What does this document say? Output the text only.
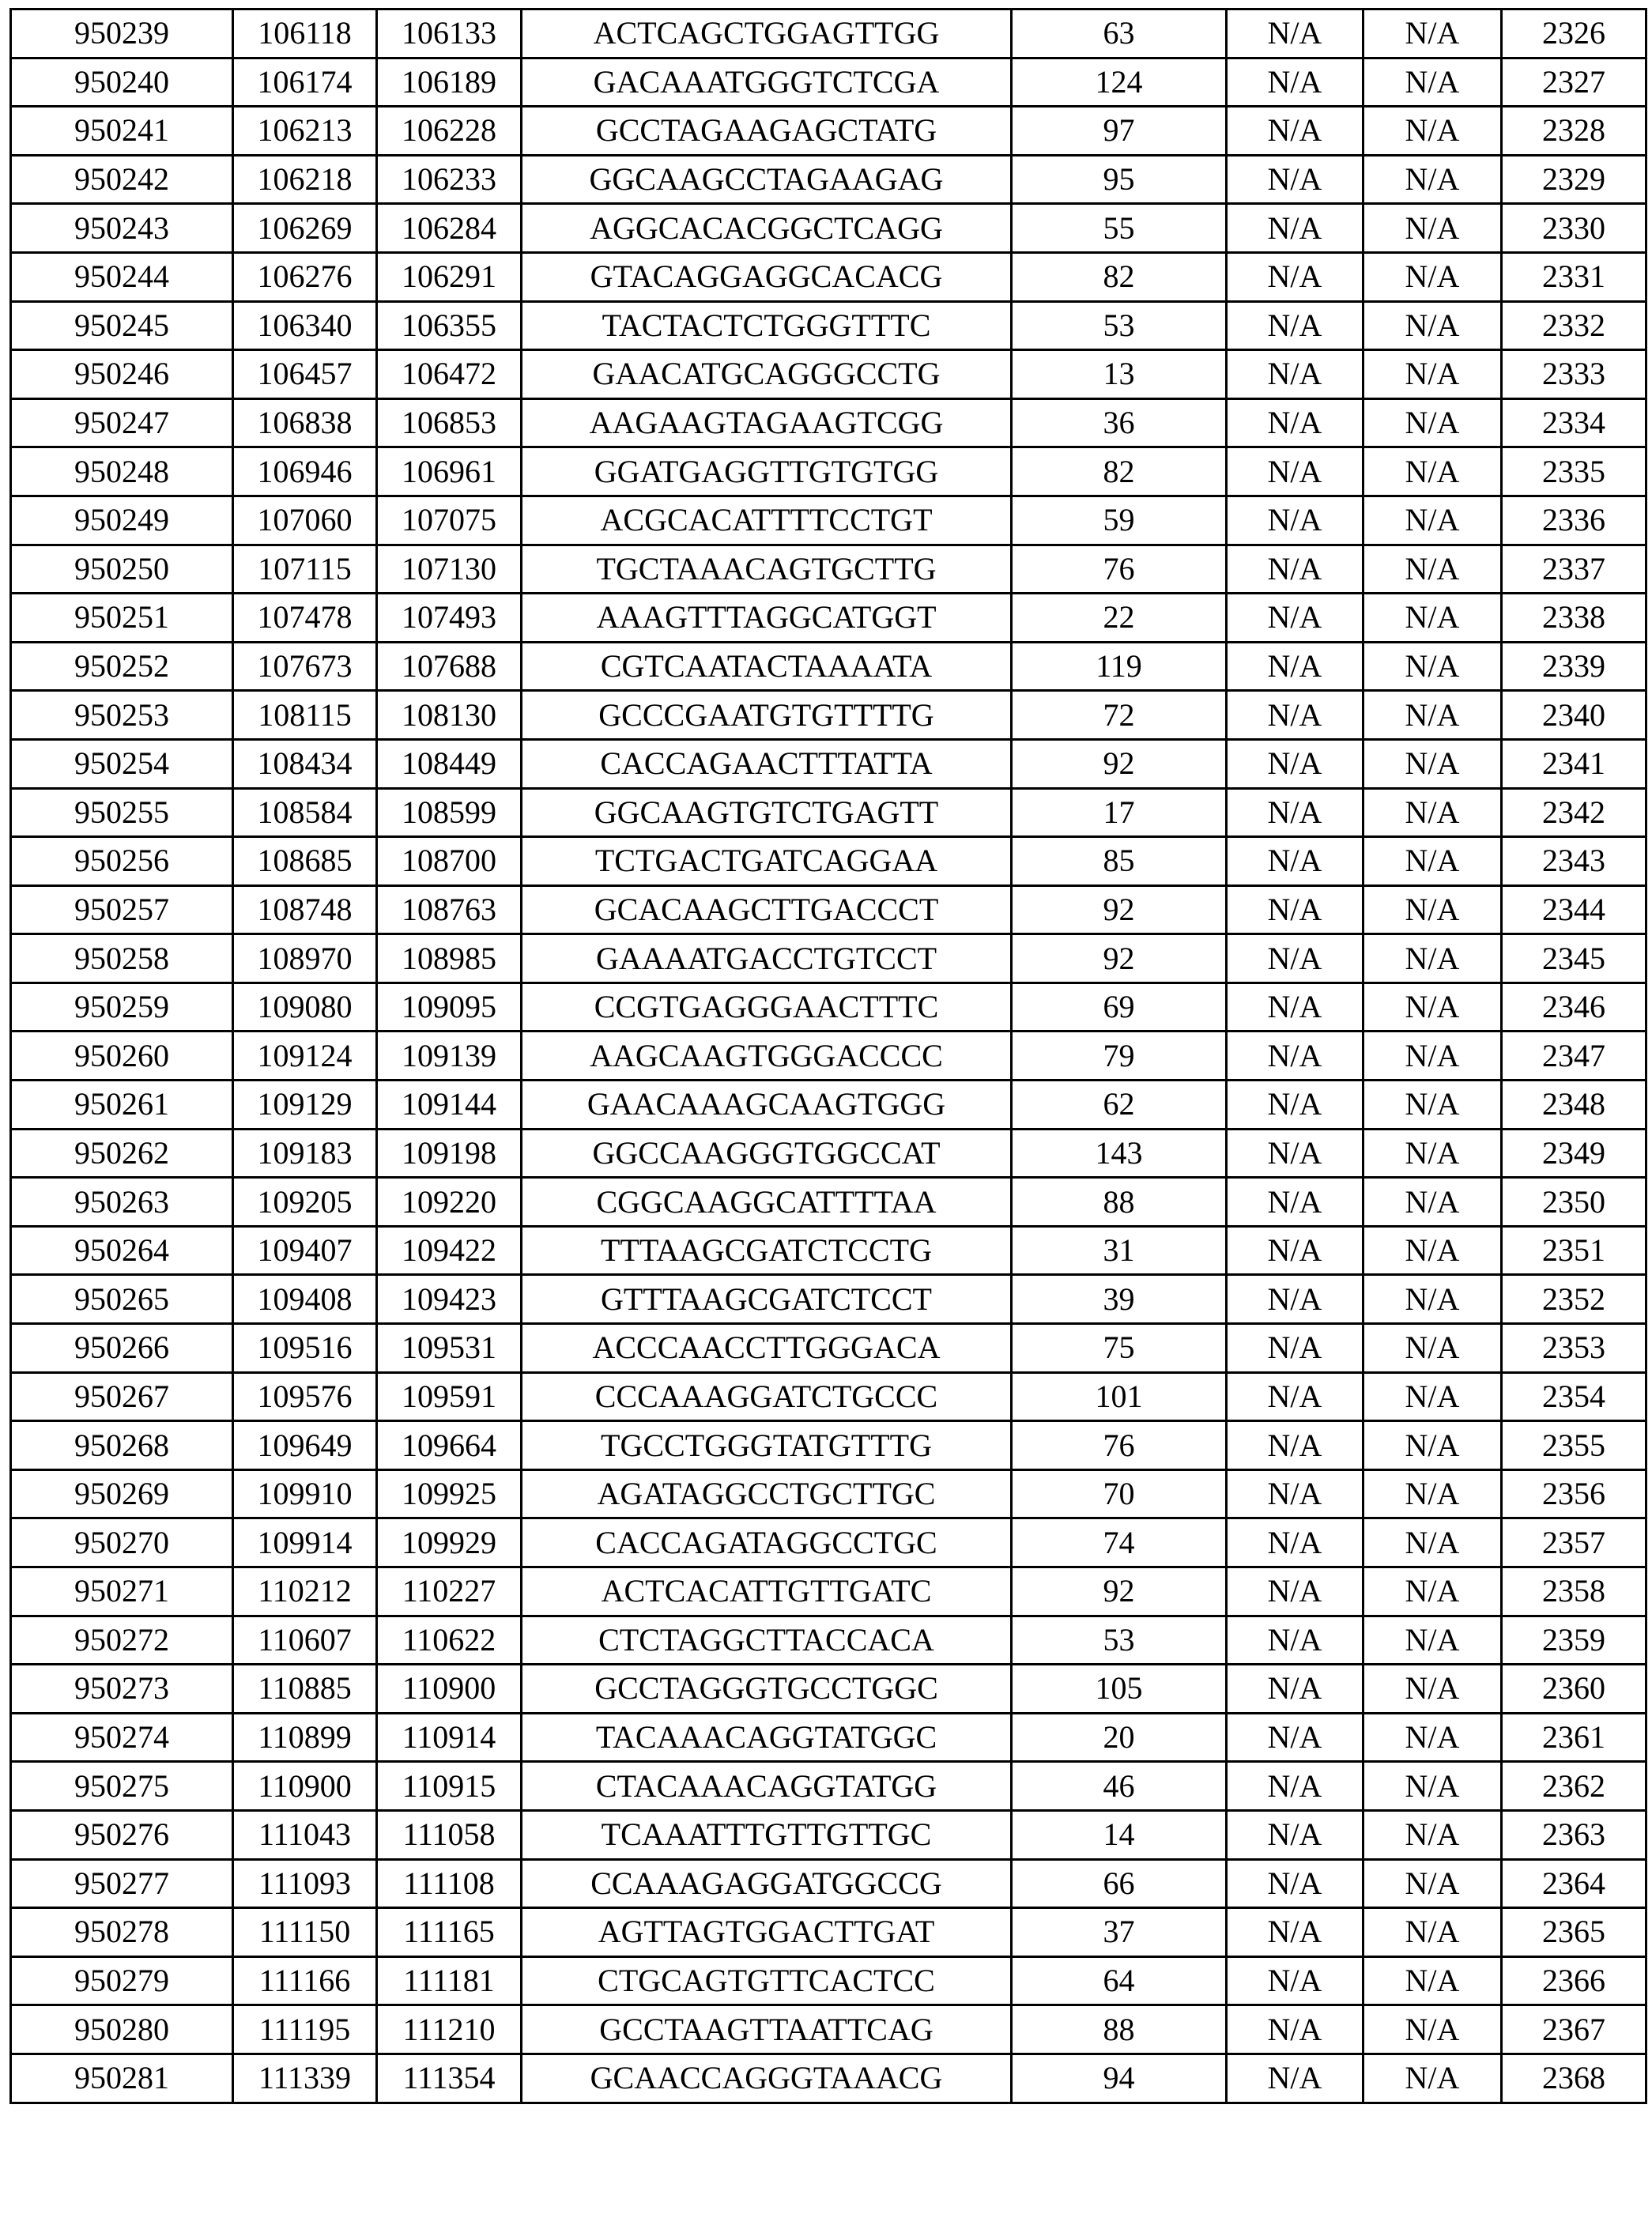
950239	106118	106133	ACTCAGCTGGAGTTGG	63	N/A	N/A	2326
950240	106174	106189	GACAAATGGGTCTCGA	124	N/A	N/A	2327
950241	106213	106228	GCCTAGAAGAGCTATG	97	N/A	N/A	2328
950242	106218	106233	GGCAAGCCTAGAAGAG	95	N/A	N/A	2329
950243	106269	106284	AGGCACACGGCTCAGG	55	N/A	N/A	2330
950244	106276	106291	GTACAGGAGGCACACG	82	N/A	N/A	2331
950245	106340	106355	TACTACTCTGGGTTTC	53	N/A	N/A	2332
950246	106457	106472	GAACATGCAGGGCCTG	13	N/A	N/A	2333
950247	106838	106853	AAGAAGTAGAAGTCGG	36	N/A	N/A	2334
950248	106946	106961	GGATGAGGTTGTGTGG	82	N/A	N/A	2335
950249	107060	107075	ACGCACATTTTCCTGT	59	N/A	N/A	2336
950250	107115	107130	TGCTAAACAGTGCTTG	76	N/A	N/A	2337
950251	107478	107493	AAAGTTTAGGCATGGT	22	N/A	N/A	2338
950252	107673	107688	CGTCAATACTAAAATA	119	N/A	N/A	2339
950253	108115	108130	GCCCGAATGTGTTTTG	72	N/A	N/A	2340
950254	108434	108449	CACCAGAACTTTATTA	92	N/A	N/A	2341
950255	108584	108599	GGCAAGTGTCTGAGTT	17	N/A	N/A	2342
950256	108685	108700	TCTGACTGATCAGGAA	85	N/A	N/A	2343
950257	108748	108763	GCACAAGCTTGACCCT	92	N/A	N/A	2344
950258	108970	108985	GAAAATGACCTGTCCT	92	N/A	N/A	2345
950259	109080	109095	CCGTGAGGGAACTTTC	69	N/A	N/A	2346
950260	109124	109139	AAGCAAGTGGGACCCC	79	N/A	N/A	2347
950261	109129	109144	GAACAAAGCAAGTGGG	62	N/A	N/A	2348
950262	109183	109198	GGCCAAGGGTGGCCAT	143	N/A	N/A	2349
950263	109205	109220	CGGCAAGGCATTTTAA	88	N/A	N/A	2350
950264	109407	109422	TTTAAGCGATCTCCTG	31	N/A	N/A	2351
950265	109408	109423	GTTTAAGCGATCTCCT	39	N/A	N/A	2352
950266	109516	109531	ACCCAACCTTGGGACA	75	N/A	N/A	2353
950267	109576	109591	CCCAAAGGATCTGCCC	101	N/A	N/A	2354
950268	109649	109664	TGCCTGGGTATGTTTG	76	N/A	N/A	2355
950269	109910	109925	AGATAGGCCTGCTTGC	70	N/A	N/A	2356
950270	109914	109929	CACCAGATAGGCCTGC	74	N/A	N/A	2357
950271	110212	110227	ACTCACATTGTTGATC	92	N/A	N/A	2358
950272	110607	110622	CTCTAGGCTTACCACA	53	N/A	N/A	2359
950273	110885	110900	GCCTAGGGTGCCTGGC	105	N/A	N/A	2360
950274	110899	110914	TACAAACAGGTATGGC	20	N/A	N/A	2361
950275	110900	110915	CTACAAACAGGTATGG	46	N/A	N/A	2362
950276	111043	111058	TCAAATTTGTTGTTGC	14	N/A	N/A	2363
950277	111093	111108	CCAAAGAGGATGGCCG	66	N/A	N/A	2364
950278	111150	111165	AGTTAGTGGACTTGAT	37	N/A	N/A	2365
950279	111166	111181	CTGCAGTGTTCACTCC	64	N/A	N/A	2366
950280	111195	111210	GCCTAAGTTAATTCAG	88	N/A	N/A	2367
950281	111339	111354	GCAACCAGGGTAAACG	94	N/A	N/A	2368
